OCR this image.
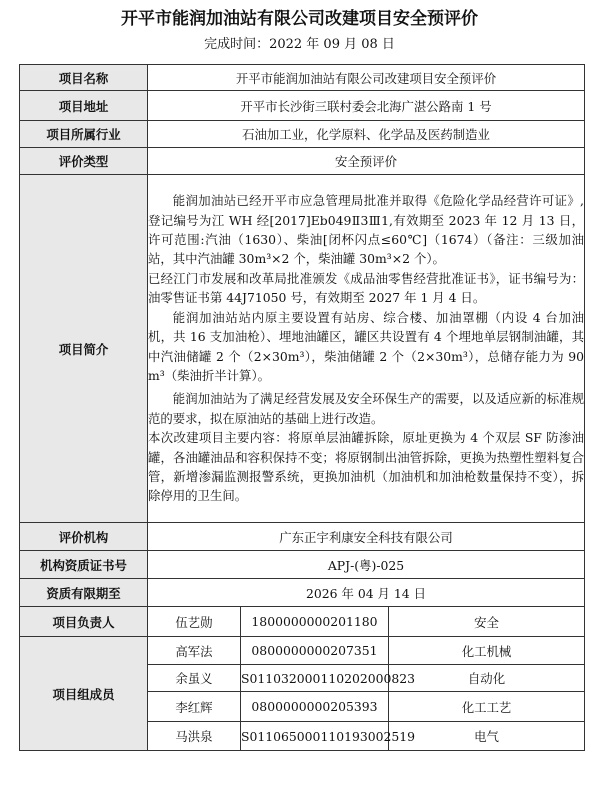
开平市能润加油站有限公司改建项目安全预评价
完成时间：2022 年 09 月 08 日
项目名称	开平市能润加油站有限公司改建项目安全预评价		
项目地址	开平市长沙街三联村委会北海广湛公路南 1 号		
项目所属行业	石油加工业，化学原料、化学品及医药制造业		
评价类型	安全预评价		
项目简介	能润加油站已经开平市应急管理局批准并取得《危险化学品经营许可证》,登记编号为江 WH 经[2017]Eb049Ⅱ3Ⅲ1,有效期至 2023 年 12 月 13 日，许可范围:汽油（1630）、柴油[闭杯闪点≤60℃]（1674）（备注：三级加油站，其中汽油罐 30m³×2 个，柴油罐 30m³×2 个）。

已经江门市发展和改革局批准颁发《成品油零售经营批准证书》，证书编号为：油零售证书第 44J71050 号，有效期至 2027 年 1 月 4 日。

能润加油站站内原主要设置有站房、综合楼、加油罩棚（内设 4 台加油机，共 16 支加油枪）、埋地油罐区，罐区共设置有 4 个埋地单层钢制油罐，其中汽油储罐 2 个（2×30m³），柴油储罐 2 个（2×30m³），总储存能力为 90m³（柴油折半计算）。

能润加油站为了满足经营发展及安全环保生产的需要，以及适应新的标准规范的要求，拟在原油站的基础上进行改造。

本次改建项目主要内容：将原单层油罐拆除，原址更换为 4 个双层 SF 防渗油罐，各油罐油品和容积保持不变；将原钢制出油管拆除，更换为热塑性塑料复合管，新增渗漏监测报警系统，更换加油机（加油机和加油枪数量保持不变），拆除停用的卫生间。		

评价机构	广东正宇利康安全科技有限公司		
机构资质证书号	APJ-(粤)-025		
资质有限期至	2026 年 04 月 14 日		
项目负责人	伍艺勋	1800000000201180	安全
项目组成员	高军法	0800000000207351	化工机械
	余虽义	S011032000110202000823	自动化
	李红辉	0800000000205393	化工工艺
	马洪泉	S011065000110193002519	电气
